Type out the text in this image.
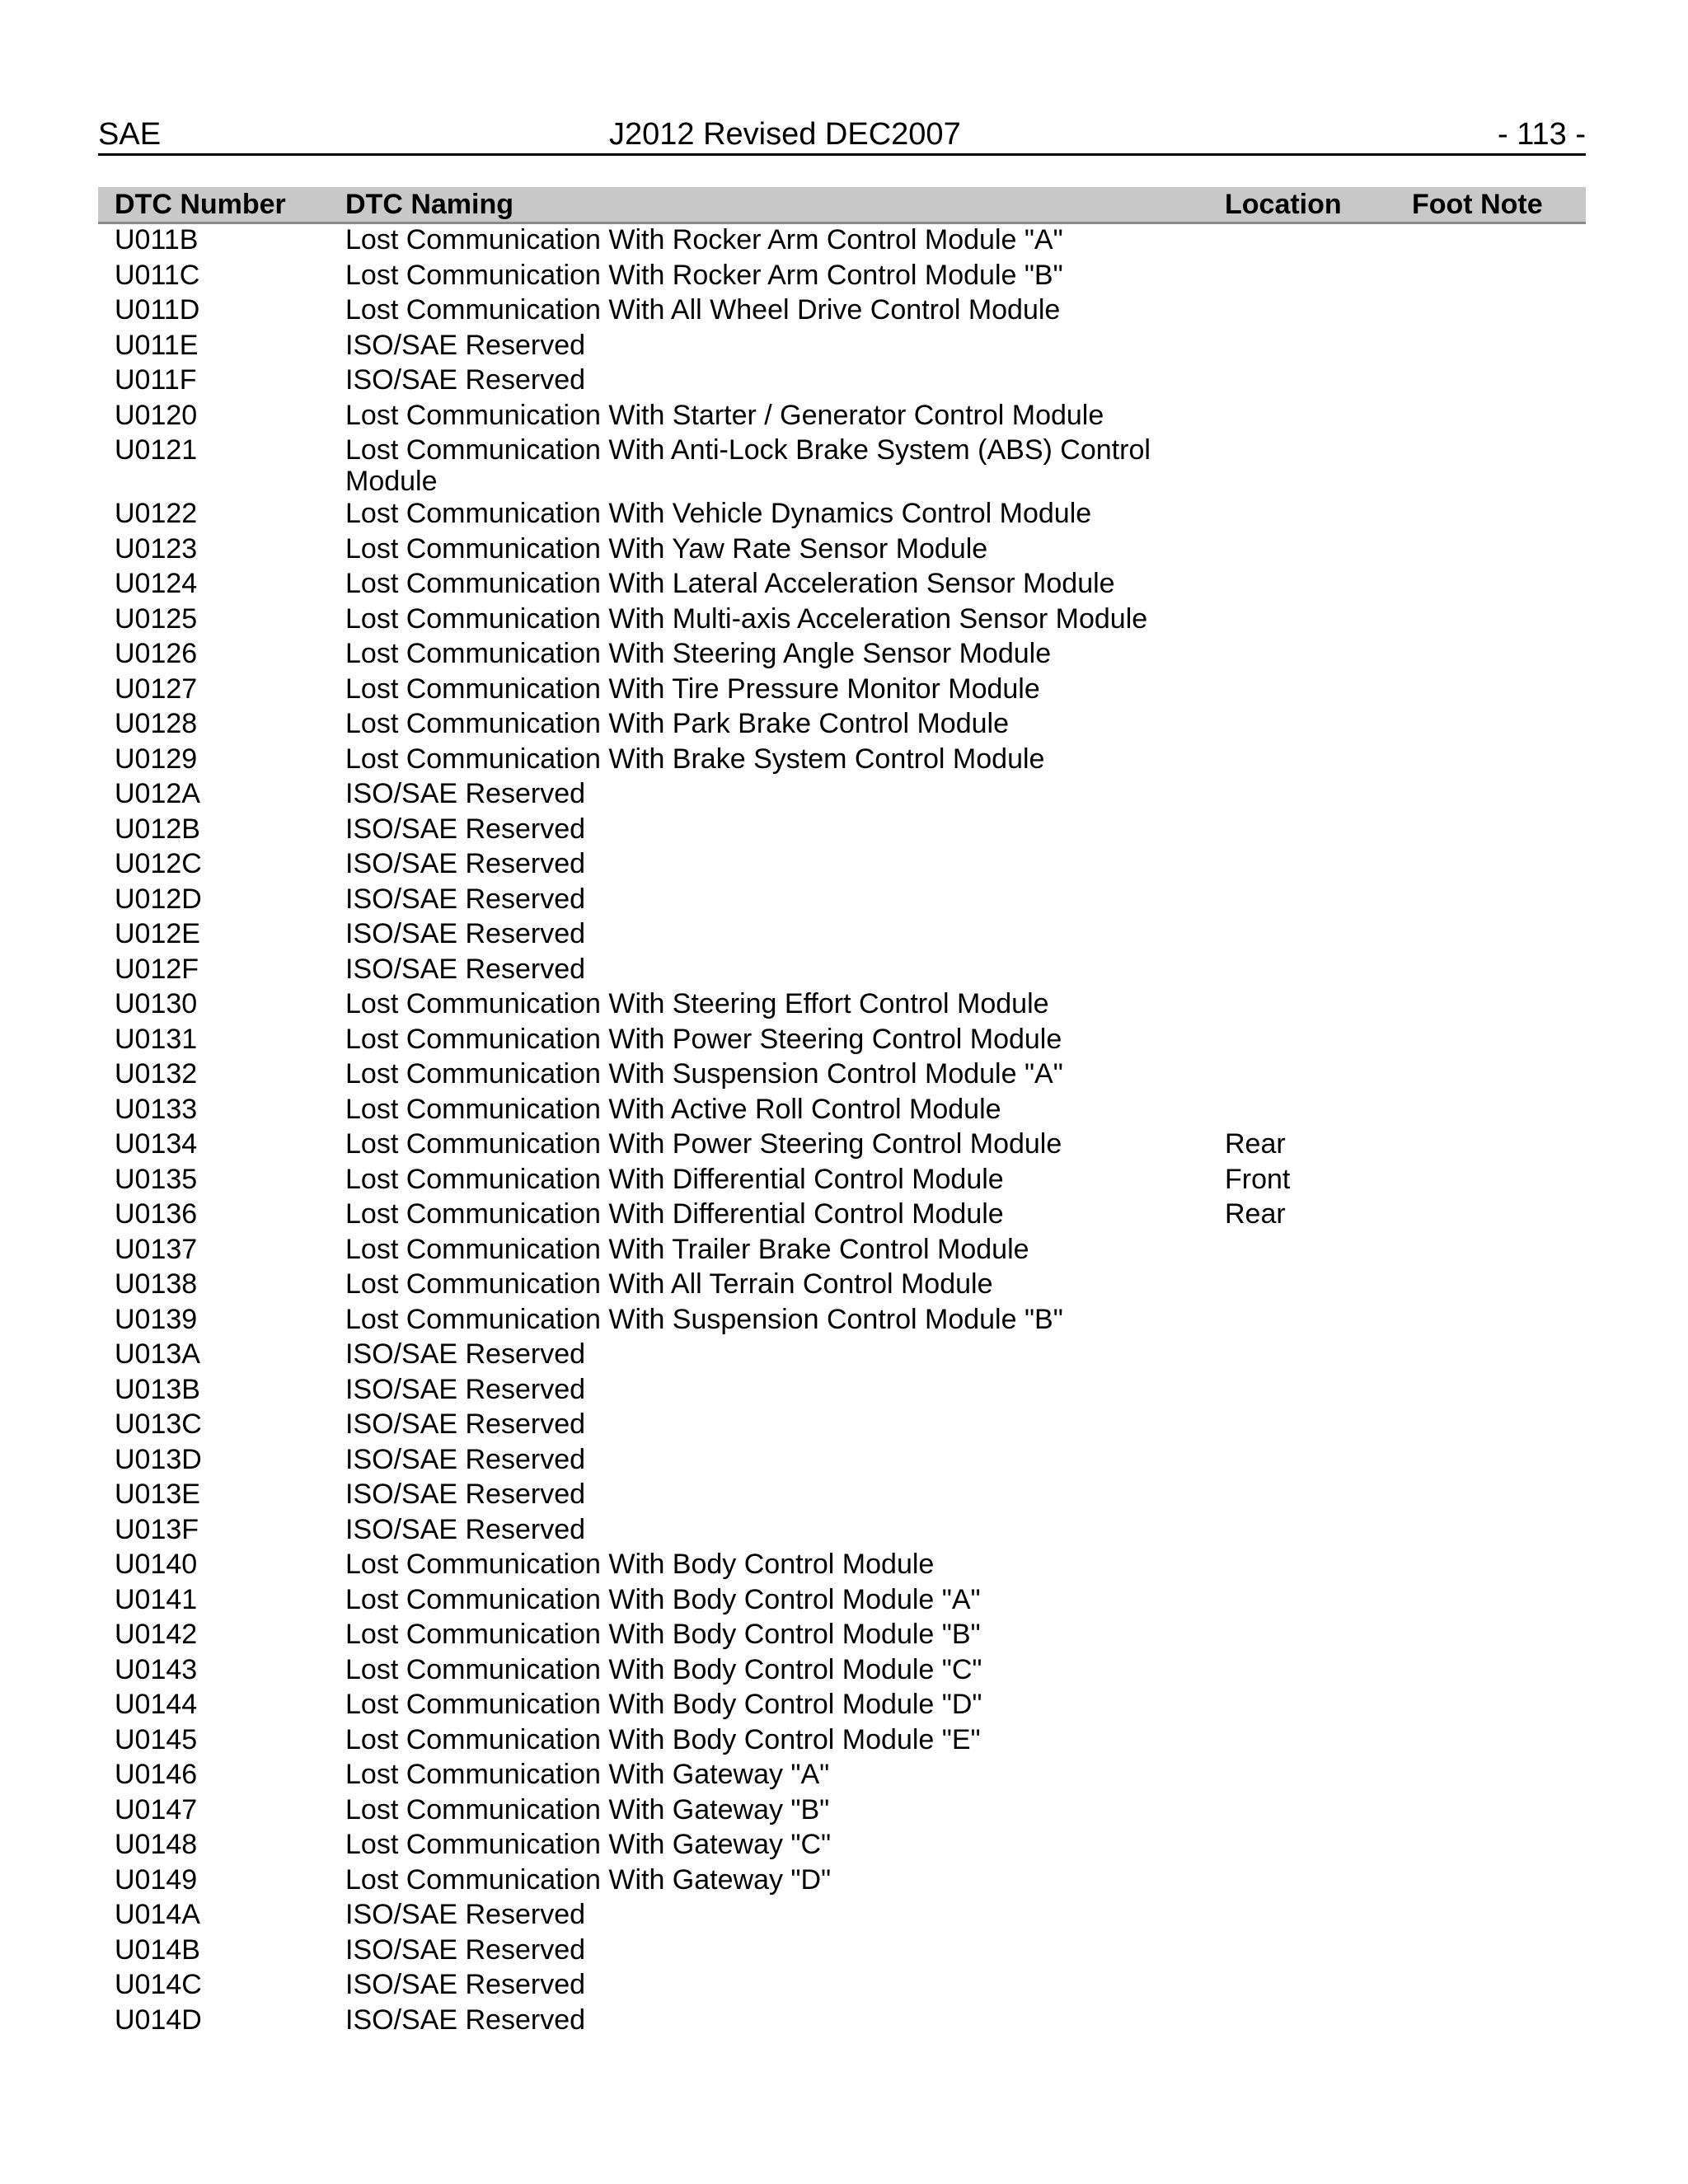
SAE	J2012 Revised DEC2007	- 113 -
DTC Number	DTC Naming	Location	Foot Note
U011B	Lost Communication With Rocker Arm Control Module "A"		
U011C	Lost Communication With Rocker Arm Control Module "B"		
U011D	Lost Communication With All Wheel Drive Control Module		
U011E	ISO/SAE Reserved		
U011F	ISO/SAE Reserved		
U0120	Lost Communication With Starter / Generator Control Module		
U0121	Lost Communication With Anti-Lock Brake System (ABS) Control Module		
U0122	Lost Communication With Vehicle Dynamics Control Module		
U0123	Lost Communication With Yaw Rate Sensor Module		
U0124	Lost Communication With Lateral Acceleration Sensor Module		
U0125	Lost Communication With Multi-axis Acceleration Sensor Module		
U0126	Lost Communication With Steering Angle Sensor Module		
U0127	Lost Communication With Tire Pressure Monitor Module		
U0128	Lost Communication With Park Brake Control Module		
U0129	Lost Communication With Brake System Control Module		
U012A	ISO/SAE Reserved		
U012B	ISO/SAE Reserved		
U012C	ISO/SAE Reserved		
U012D	ISO/SAE Reserved		
U012E	ISO/SAE Reserved		
U012F	ISO/SAE Reserved		
U0130	Lost Communication With Steering Effort Control Module		
U0131	Lost Communication With Power Steering Control Module		
U0132	Lost Communication With Suspension Control Module "A"		
U0133	Lost Communication With Active Roll Control Module		
U0134	Lost Communication With Power Steering Control Module	Rear	
U0135	Lost Communication With Differential Control Module	Front	
U0136	Lost Communication With Differential Control Module	Rear	
U0137	Lost Communication With Trailer Brake Control Module		
U0138	Lost Communication With All Terrain Control Module		
U0139	Lost Communication With Suspension Control Module "B"		
U013A	ISO/SAE Reserved		
U013B	ISO/SAE Reserved		
U013C	ISO/SAE Reserved		
U013D	ISO/SAE Reserved		
U013E	ISO/SAE Reserved		
U013F	ISO/SAE Reserved		
U0140	Lost Communication With Body Control Module		
U0141	Lost Communication With Body Control Module "A"		
U0142	Lost Communication With Body Control Module "B"		
U0143	Lost Communication With Body Control Module "C"		
U0144	Lost Communication With Body Control Module "D"		
U0145	Lost Communication With Body Control Module "E"		
U0146	Lost Communication With Gateway "A"		
U0147	Lost Communication With Gateway "B"		
U0148	Lost Communication With Gateway "C"		
U0149	Lost Communication With Gateway "D"		
U014A	ISO/SAE Reserved		
U014B	ISO/SAE Reserved		
U014C	ISO/SAE Reserved		
U014D	ISO/SAE Reserved		
